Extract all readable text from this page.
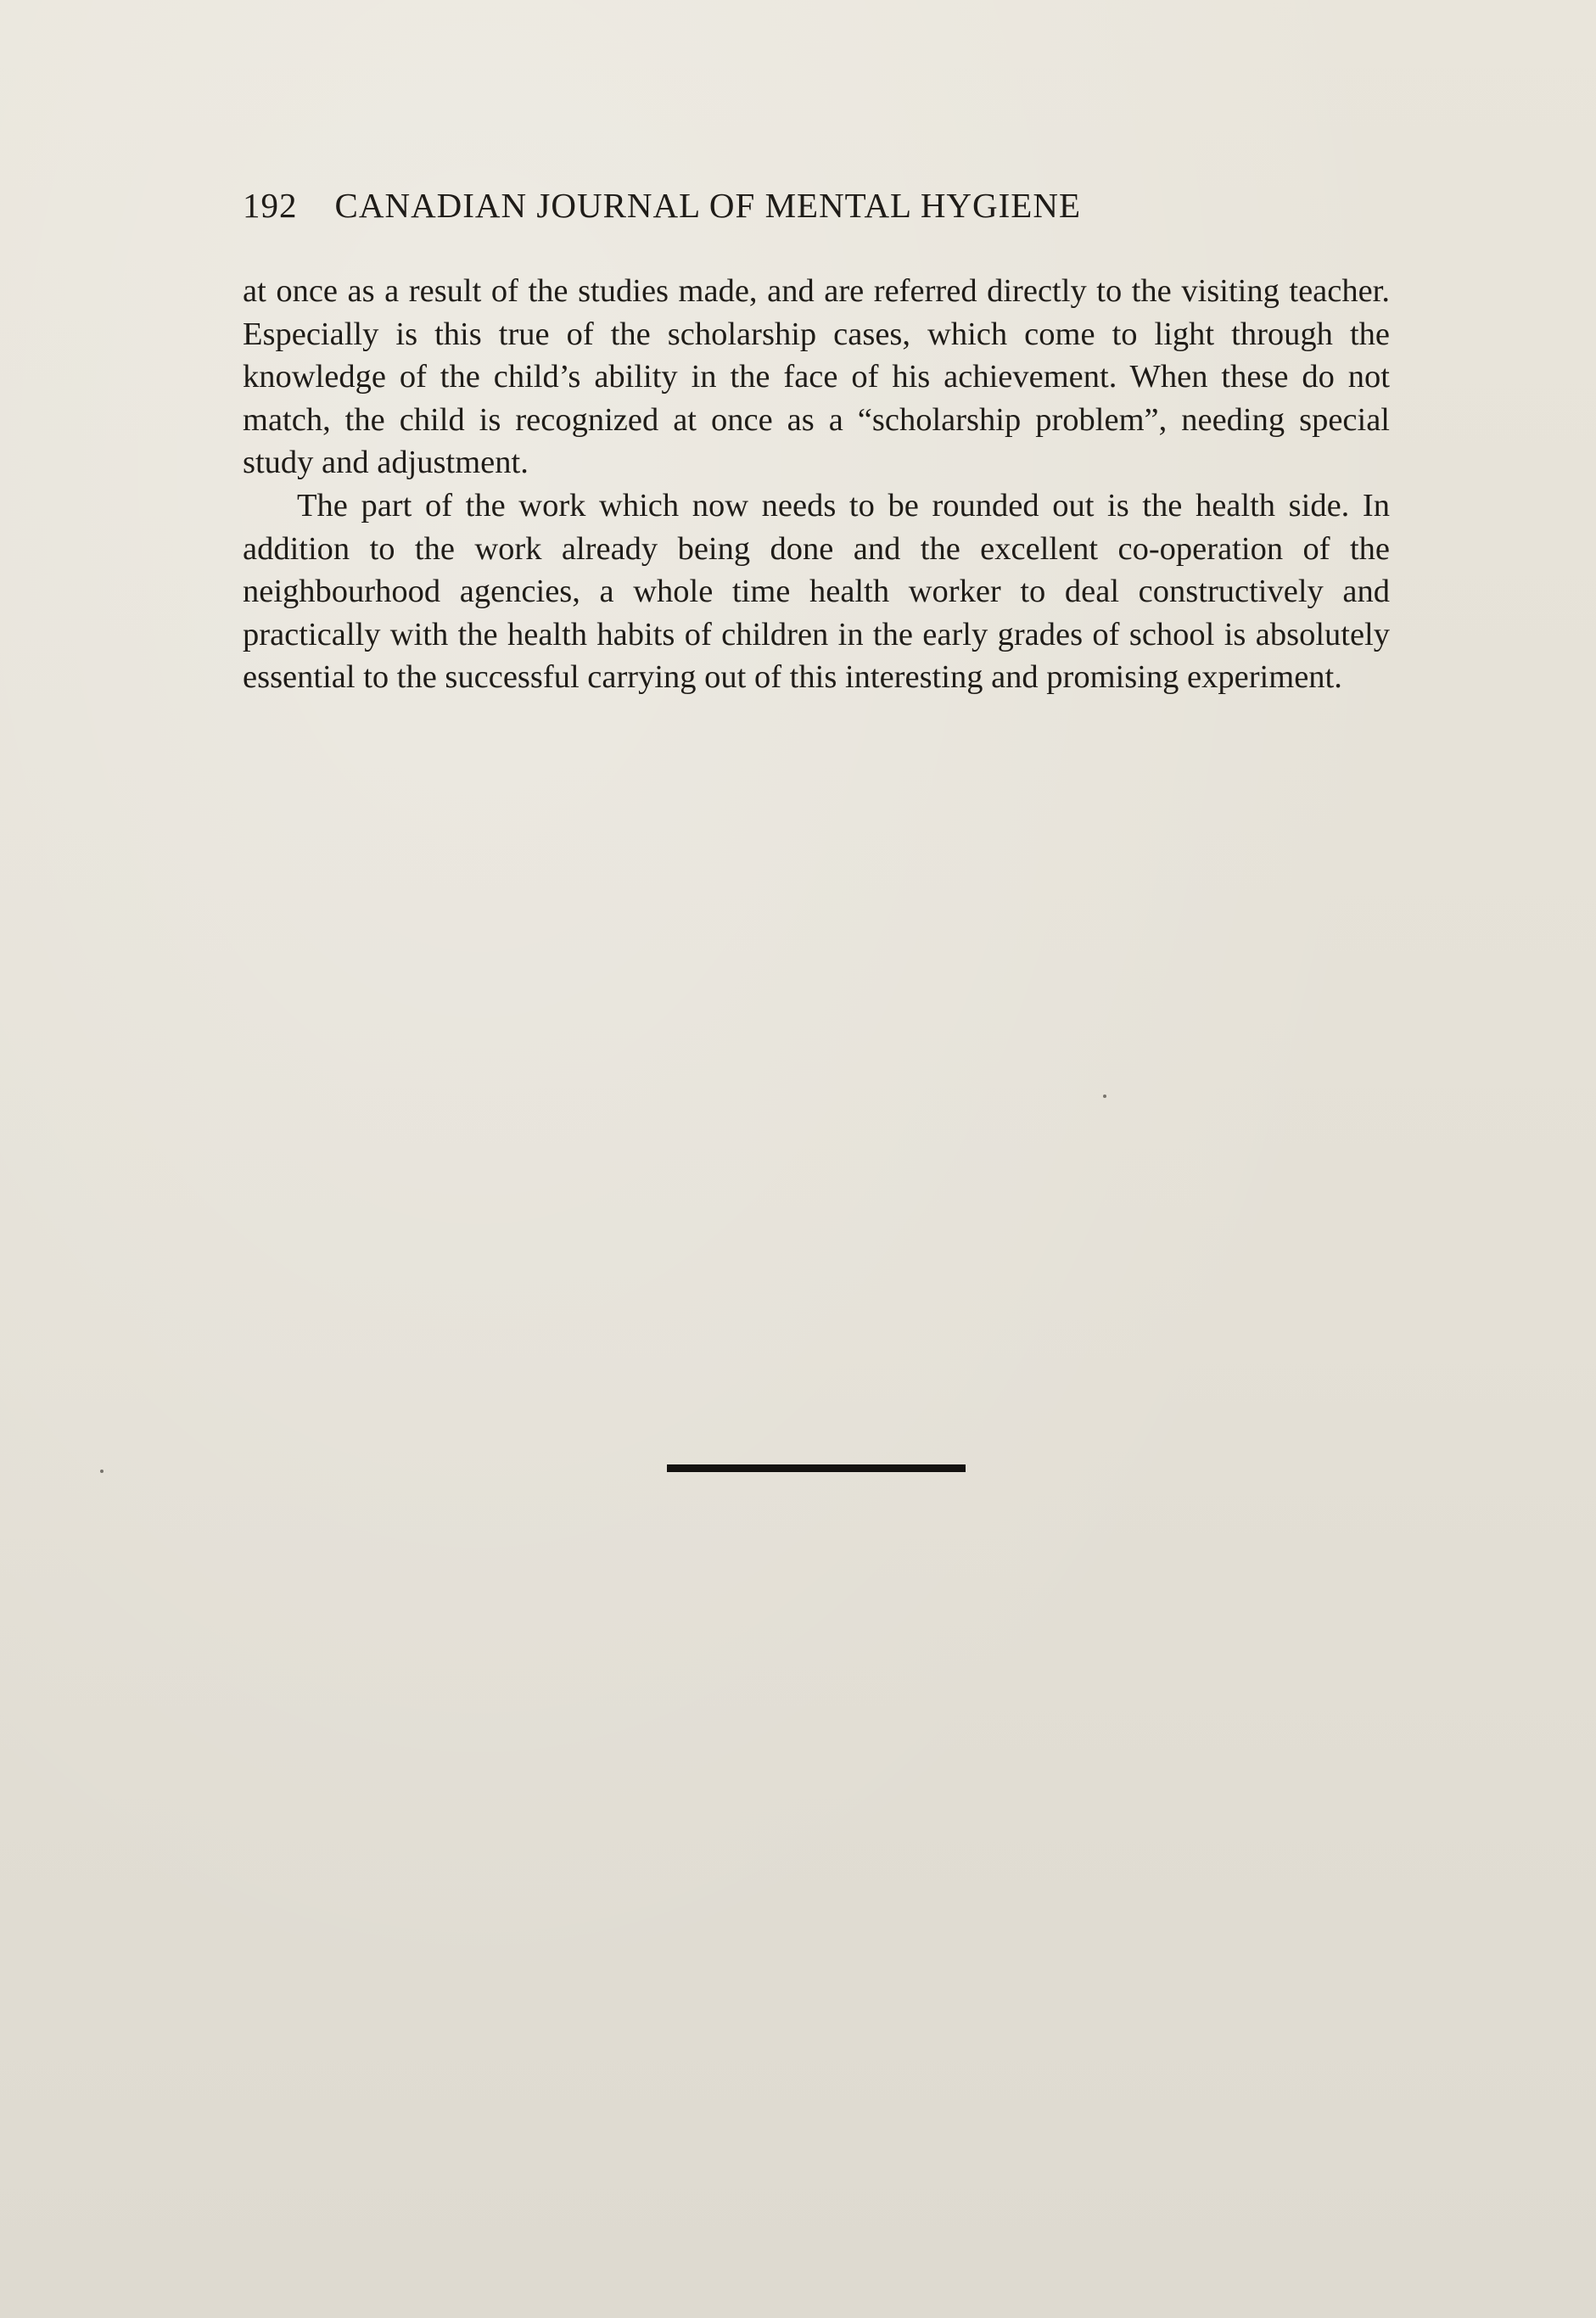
192 CANADIAN JOURNAL OF MENTAL HYGIENE

at once as a result of the studies made, and are referred directly to the visiting teacher. Especially is this true of the scholarship cases, which come to light through the knowledge of the child’s ability in the face of his achievement. When these do not match, the child is recognized at once as a “scholarship problem”, needing special study and adjustment.

The part of the work which now needs to be rounded out is the health side. In addition to the work already being done and the excellent co-operation of the neighbourhood agencies, a whole time health worker to deal constructively and practically with the health habits of children in the early grades of school is absolutely essential to the successful carrying out of this interesting and promising experiment.
